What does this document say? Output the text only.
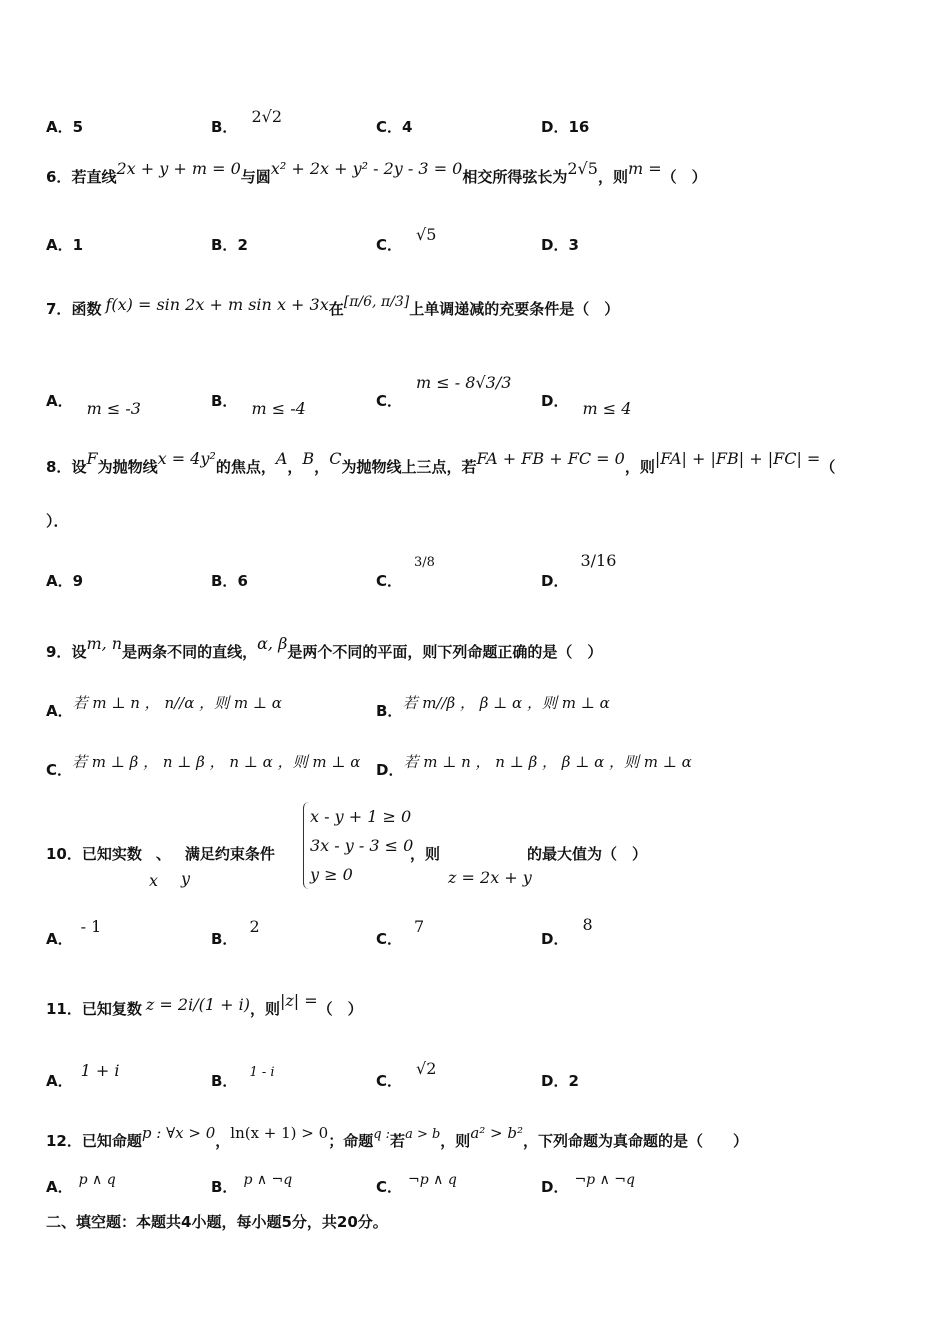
A． 5	B．
2√2
C． 4	D． 16
6． 若直线 2x + y + m = 0 与圆 x² + 2x + y² - 2y - 3 = 0 相交所得弦长为 2√5 ，则 m = （　）
A． 1	B． 2	C．
√5
D． 3
7． 函数 f(x) = sin 2x + m sin x + 3x 在 [π/6, π/3] 上单调递减的充要条件是（　）
A． m ≤ -3	B． m ≤ -4	C．
m ≤ - 8√3/3
D． m ≤ 4
8． 设 F 为抛物线 x = 4y² 的焦点， A ， B ， C 为抛物线上三点，若 FA + FB + FC = 0 ，则 |FA| + |FB| + |FC| = （
）．
A． 9	B． 6	C．
3/8
D．
3/16
9． 设 m, n 是两条不同的直线， α, β 是两个不同的平面，则下列命题正确的是（　）
A． 若 m ⊥ n ， n//α ，则 m ⊥ α	B． 若 m//β ， β ⊥ α ，则 m ⊥ α
C． 若 m ⊥ β ， n ⊥ β ， n ⊥ α ，则 m ⊥ α D． 若 m ⊥ n ， n ⊥ β ， β ⊥ α ，则 m ⊥ α
10． 已知实数 、 满足约束条件
x y
x - y + 1 ≥ 0
3x - y - 3 ≤ 0
y ≥ 0
，则
z = 2x + y
的最大值为（　）
A．
- 1
B．
2
C．
7
D．
8
11． 已知复数 z = 2i/(1 + i) ，则 |z| = （　）
A．
1 + i
B． 1 - i	C．
√2
D． 2
12． 已知命题 p : ∀x > 0 ， ln(x + 1) > 0 ；命题 q : 若 a > b ，则 a² > b² ，下列命题为真命题的是（　　）
A． p ∧ q	B． p ∧ ¬q	C． ¬p ∧ q	D． ¬p ∧ ¬q
二、填空题：本题共4小题，每小题5分，共20分。
